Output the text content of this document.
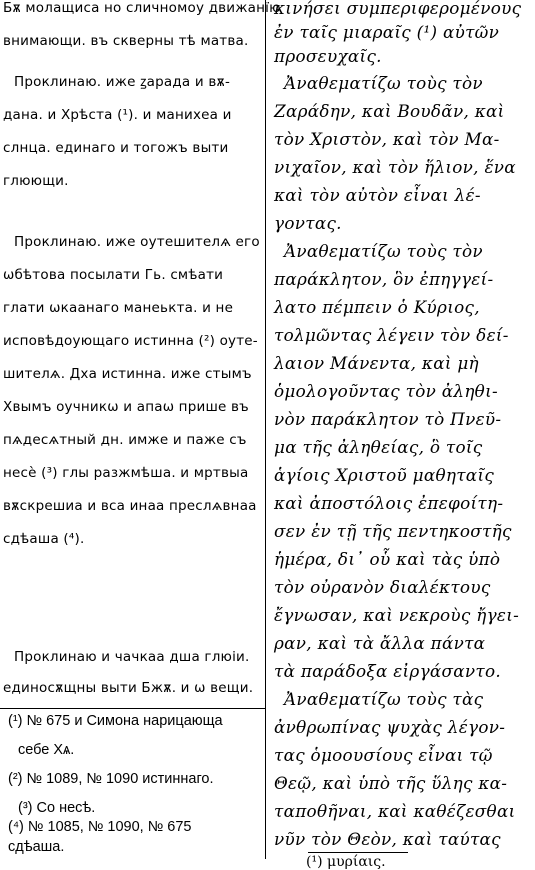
Бѫ молащиса но сличномоу движанїю
внимающи. въ скверны тѣ матва.
Проклинаю. иже ꙁарада и вѫ-
дана. и Хрѣста (¹). и манихеа и
слнца. единаго и тогожъ выти
глюющи.
Проклинаю. иже оутешителѧ его
ѡбѣтова посылати Гь. смѣати
глати ѡкаанаго манеькта. и не
исповѣдоующаго истинна (²) оуте-
шителѧ. Дха истинна. иже стымъ
Хвымъ оучникѡ и апаѡ прише въ
пѧдесѧтный дн. имже и паже съ
несѐ (³) глы разжмѣша. и мртвыа
вѫскрешиа и вса инаа преслѧвнаа
сдѣаша (⁴).
Проклинаю и чачкаа дша глюіи.
единосѫщны выти Бжѫ. и ѡ вещи.
(¹) № 675 и Симона нарицающа
себе Хѧ.
(²) № 1089, № 1090 истиннаго.
(³) Со несѣ.
(⁴) № 1085, № 1090, № 675
сдѣаша.
κινήσει συμπεριφερομένους
ἐν ταῖς μιαραῖς (¹) αὐτῶν
προσευχαῖς.
Ἀναθεματίζω τοὺς τὸν
Ζαράδην, καὶ Βουδᾶν, καὶ
τὸν Χριστὸν, καὶ τὸν Μα-
νιχαῖον, καὶ τὸν ἥλιον, ἕνα
καὶ τὸν αὐτὸν εἶναι λέ-
γοντας.
Ἀναθεματίζω τοὺς τὸν
παράκλητον, ὃν ἐπηγγεί-
λατο πέμπειν ὁ Κύριος,
τολμῶντας λέγειν τὸν δεί-
λαιον Μάνεντα, καὶ μὴ
ὁμολογοῦντας τὸν ἀληθι-
νὸν παράκλητον τὸ Πνεῦ-
μα τῆς ἀληθείας, ὃ τοῖς
ἁγίοις Χριστοῦ μαθηταῖς
καὶ ἀποστόλοις ἐπεφοίτη-
σεν ἐν τῇ τῆς πεντηκοστῆς
ἡμέρα, δι᾽ οὗ καὶ τὰς ὑπὸ
τὸν οὐρανὸν διαλέκτους
ἔγνωσαν, καὶ νεκροὺς ἤγει-
ραν, καὶ τὰ ἄλλα πάντα
τὰ παράδοξα εἰργάσαντο.
Ἀναθεματίζω τοὺς τὰς
ἀνθρωπίνας ψυχὰς λέγον-
τας ὁμοουσίους εἶναι τῷ
Θεῷ, καὶ ὑπὸ τῆς ὕλης κα-
ταποθῆναι, καὶ καθέζεσθαι
νῦν τὸν Θεὸν, καὶ ταύτας
(¹) μυρίαις.
